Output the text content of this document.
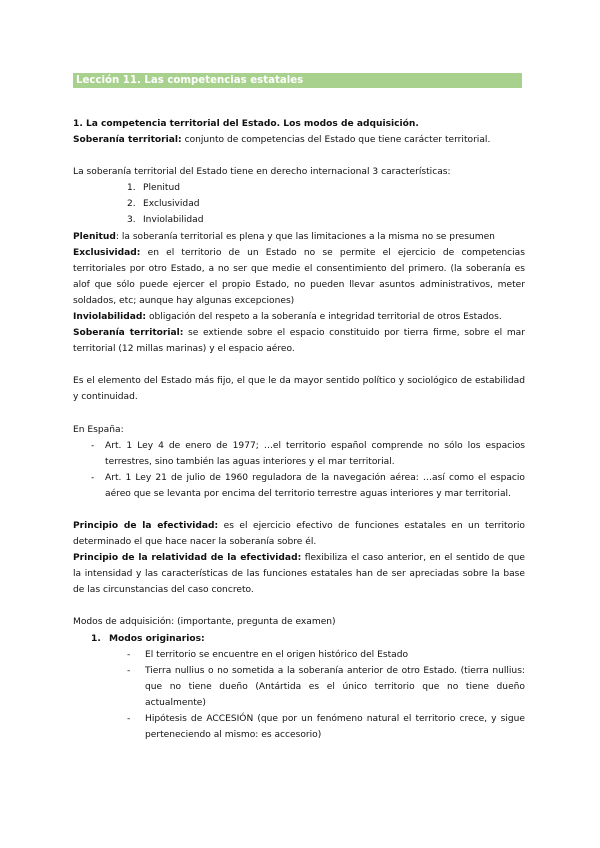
Lección 11. Las competencias estatales

1. La competencia territorial del Estado. Los modos de adquisición.

Soberanía territorial: conjunto de competencias del Estado que tiene carácter territorial.

La soberanía territorial del Estado tiene en derecho internacional 3 características:

1. Plenitud
2. Exclusividad
3. Inviolabilidad

Plenitud: la soberanía territorial es plena y que las limitaciones a la misma no se presumen

Exclusividad: en el territorio de un Estado no se permite el ejercicio de competencias territoriales por otro Estado, a no ser que medie el consentimiento del primero. (la soberanía es alof que sólo puede ejercer el propio Estado, no pueden llevar asuntos administrativos, meter soldados, etc; aunque hay algunas excepciones)

Inviolabilidad: obligación del respeto a la soberanía e integridad territorial de otros Estados.

Soberanía territorial: se extiende sobre el espacio constituido por tierra firme, sobre el mar territorial (12 millas marinas) y el espacio aéreo.

Es el elemento del Estado más fijo, el que le da mayor sentido político y sociológico de estabilidad y continuidad.

En España:

- Art. 1 Ley 4 de enero de 1977; …el territorio español comprende no sólo los espacios terrestres, sino también las aguas interiores y el mar territorial.
- Art. 1 Ley 21 de julio de 1960 reguladora de la navegación aérea: …así como el espacio aéreo que se levanta por encima del territorio terrestre aguas interiores y mar territorial.

Principio de la efectividad: es el ejercicio efectivo de funciones estatales en un territorio determinado el que hace nacer la soberanía sobre él.

Principio de la relatividad de la efectividad: flexibiliza el caso anterior, en el sentido de que la intensidad y las características de las funciones estatales han de ser apreciadas sobre la base de las circunstancias del caso concreto.

Modos de adquisición: (importante, pregunta de examen)

1. Modos originarios:

- El territorio se encuentre en el origen histórico del Estado
- Tierra nullius o no sometida a la soberanía anterior de otro Estado. (tierra nullius: que no tiene dueño (Antártida es el único territorio que no tiene dueño actualmente)
- Hipótesis de ACCESIÓN (que por un fenómeno natural el territorio crece, y sigue perteneciendo al mismo: es accesorio)
